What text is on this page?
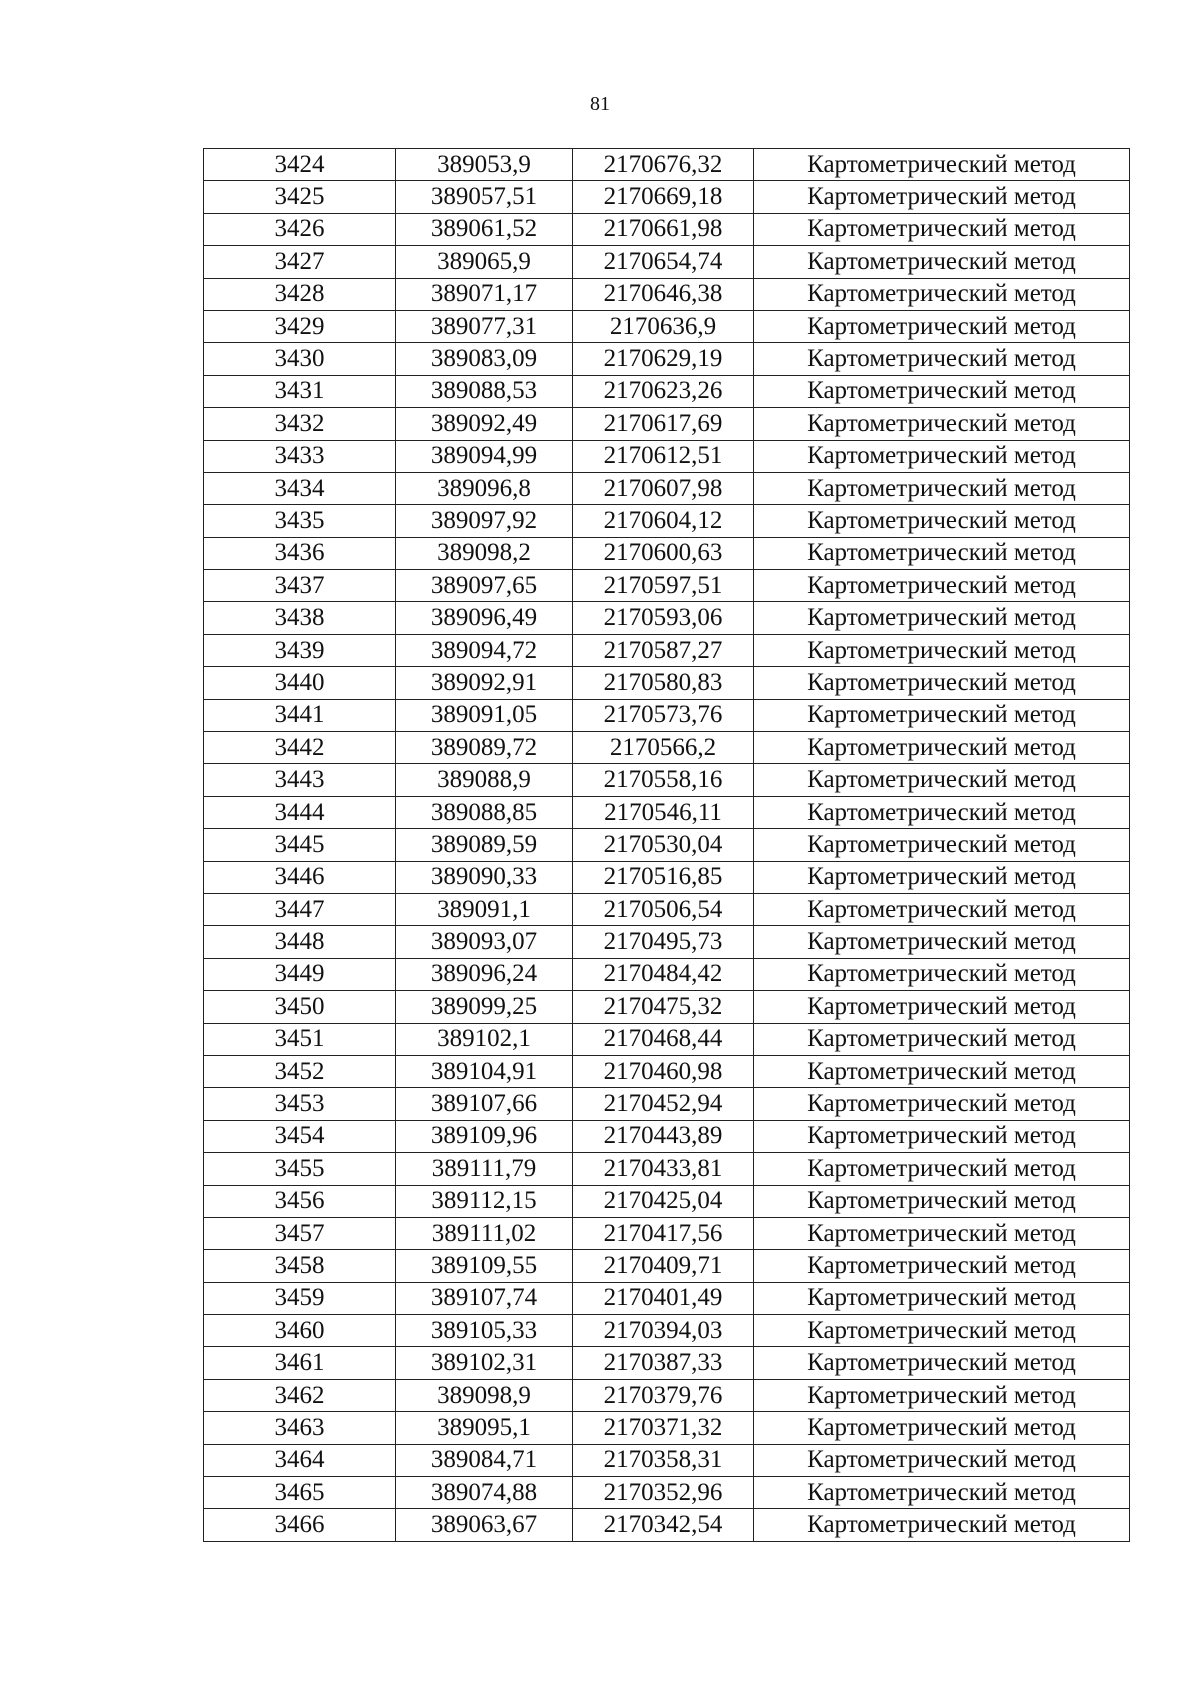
81
3424	389053,9	2170676,32	Картометрический метод
3425	389057,51	2170669,18	Картометрический метод
3426	389061,52	2170661,98	Картометрический метод
3427	389065,9	2170654,74	Картометрический метод
3428	389071,17	2170646,38	Картометрический метод
3429	389077,31	2170636,9	Картометрический метод
3430	389083,09	2170629,19	Картометрический метод
3431	389088,53	2170623,26	Картометрический метод
3432	389092,49	2170617,69	Картометрический метод
3433	389094,99	2170612,51	Картометрический метод
3434	389096,8	2170607,98	Картометрический метод
3435	389097,92	2170604,12	Картометрический метод
3436	389098,2	2170600,63	Картометрический метод
3437	389097,65	2170597,51	Картометрический метод
3438	389096,49	2170593,06	Картометрический метод
3439	389094,72	2170587,27	Картометрический метод
3440	389092,91	2170580,83	Картометрический метод
3441	389091,05	2170573,76	Картометрический метод
3442	389089,72	2170566,2	Картометрический метод
3443	389088,9	2170558,16	Картометрический метод
3444	389088,85	2170546,11	Картометрический метод
3445	389089,59	2170530,04	Картометрический метод
3446	389090,33	2170516,85	Картометрический метод
3447	389091,1	2170506,54	Картометрический метод
3448	389093,07	2170495,73	Картометрический метод
3449	389096,24	2170484,42	Картометрический метод
3450	389099,25	2170475,32	Картометрический метод
3451	389102,1	2170468,44	Картометрический метод
3452	389104,91	2170460,98	Картометрический метод
3453	389107,66	2170452,94	Картометрический метод
3454	389109,96	2170443,89	Картометрический метод
3455	389111,79	2170433,81	Картометрический метод
3456	389112,15	2170425,04	Картометрический метод
3457	389111,02	2170417,56	Картометрический метод
3458	389109,55	2170409,71	Картометрический метод
3459	389107,74	2170401,49	Картометрический метод
3460	389105,33	2170394,03	Картометрический метод
3461	389102,31	2170387,33	Картометрический метод
3462	389098,9	2170379,76	Картометрический метод
3463	389095,1	2170371,32	Картометрический метод
3464	389084,71	2170358,31	Картометрический метод
3465	389074,88	2170352,96	Картометрический метод
3466	389063,67	2170342,54	Картометрический метод
